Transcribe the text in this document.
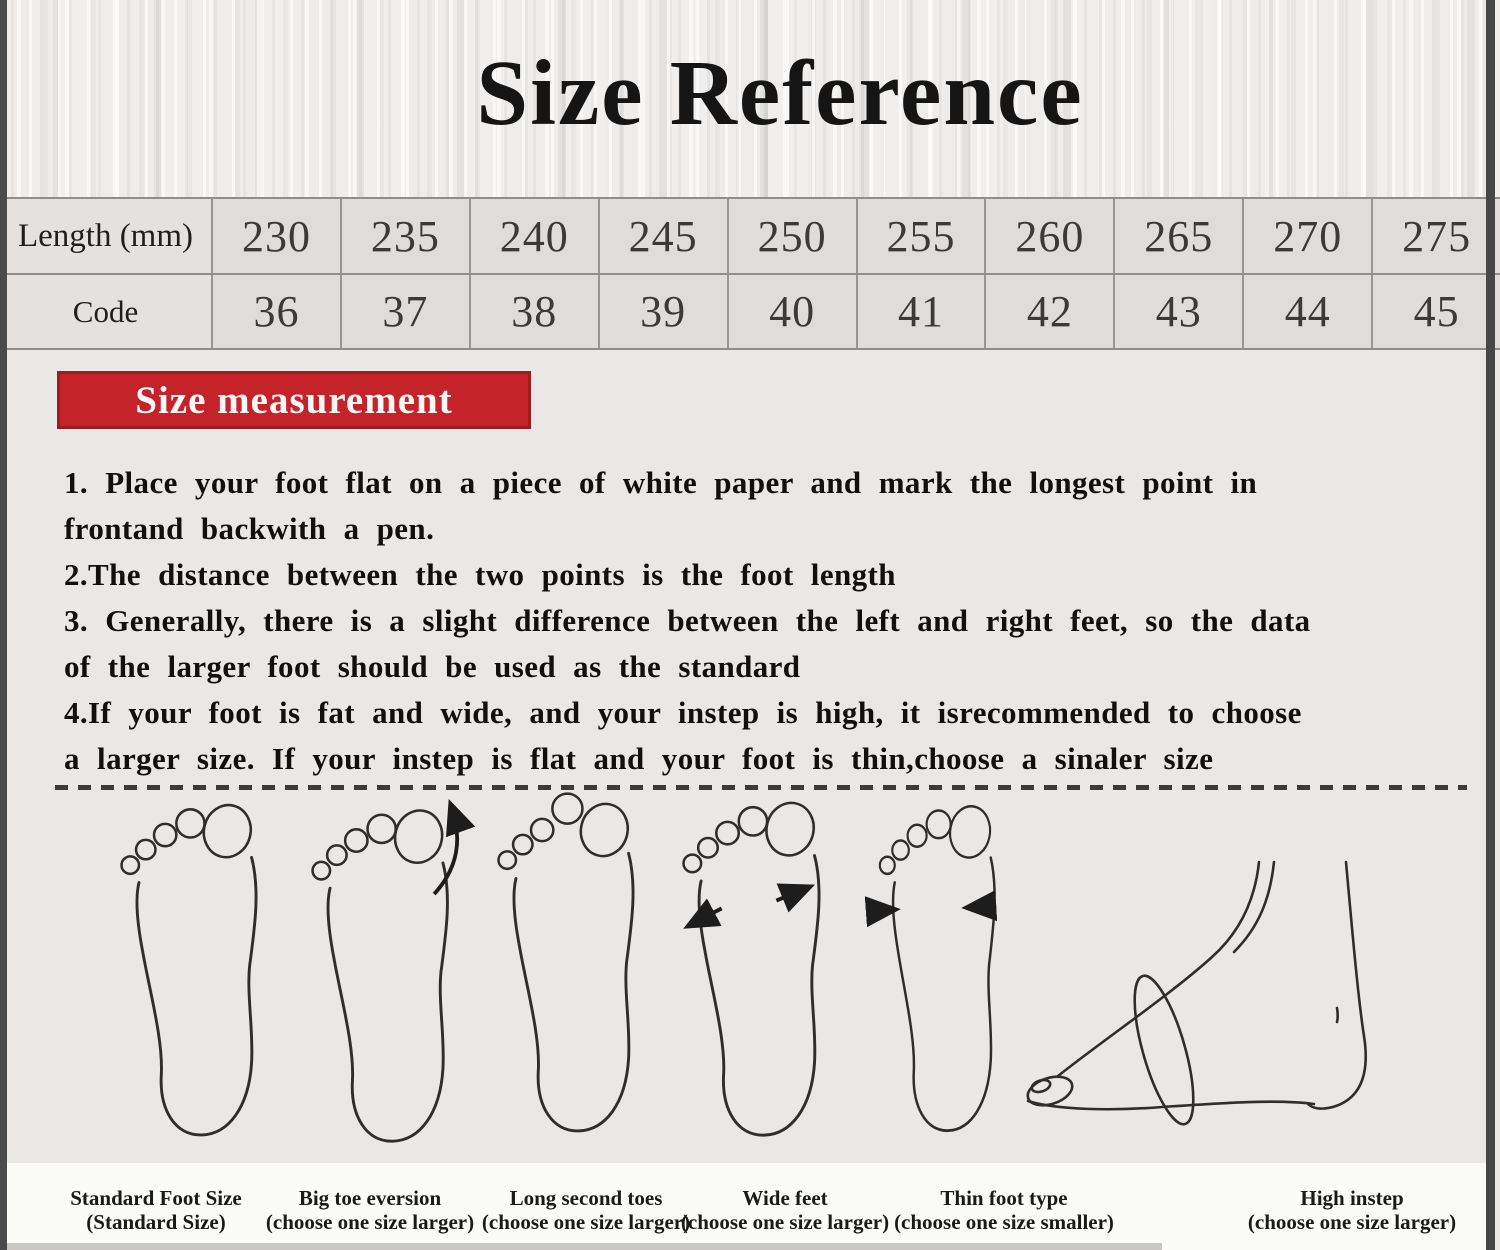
Size Reference
Length (mm)	230	235	240	245	250	255	260	265	270	275
Code	36	37	38	39	40	41	42	43	44	45
Size measurement
1. Place your foot flat on a piece of white paper and mark the longest point in
frontand backwith a pen.
2.The distance between the two points is the foot length
3. Generally, there is a slight difference between the left and right feet, so the data
of the larger foot should be used as the standard
4.If your foot is fat and wide, and your instep is high, it isrecommended to choose
a larger size. If your instep is flat and your foot is thin,choose a sinaler size
Standard Foot Size
(Standard Size)
Big toe eversion
(choose one size larger)
Long second toes
(choose one size larger)
Wide feet
(choose one size larger)
Thin foot type
(choose one size smaller)
High instep
(choose one size larger)
